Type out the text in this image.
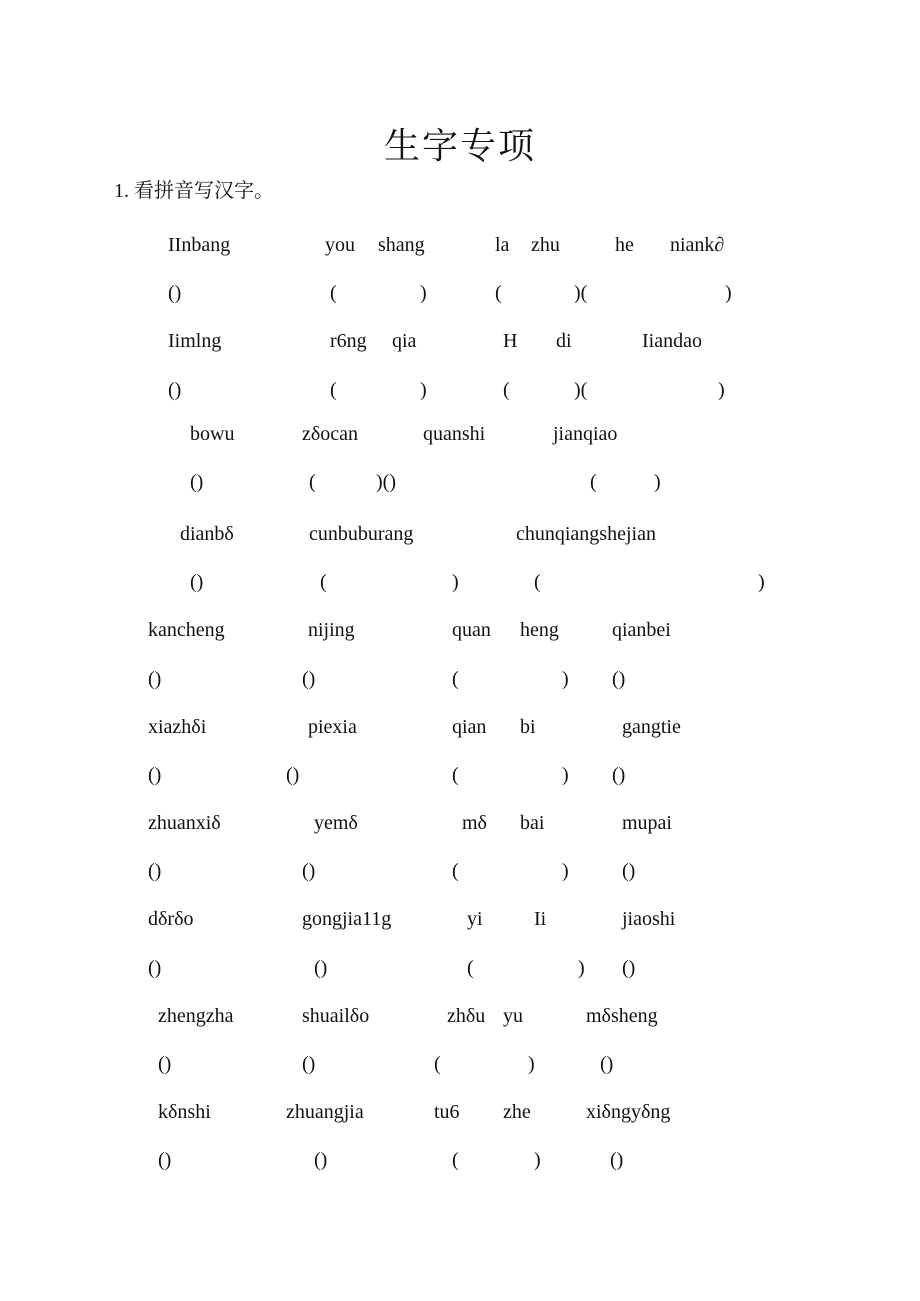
生字专项
1. 看拼音写汉字。
IInbang	you shang	la zhu	he niank∂
()	(	)	(	)(	)
Iimlng	r6ng qia	H di	Iiandao
()	(	)	(	)(	)
bowu	zδocan	quanshi	jianqiao
()	(	)()	(	)
dianbδ	cunbuburang	chunqiangshejian
()	(	)	(	)
kancheng	nijing	quan heng	qianbei
()	()	(	) ()
xiazhδi	piexia	qian bi	gangtie
()	()	(	) ()
zhuanxiδ	yemδ	mδ bai	mupai
()	()	(	)	()
dδrδo	gongjia11g	yi	Ii	jiaoshi
()	()	(	) ()
zhengzha	shuailδo	zhδu yu	mδsheng
()	()	(	)	()
kδnshi	zhuangjia	tu6 zhe	xiδngyδng
()	()	(	)	()
